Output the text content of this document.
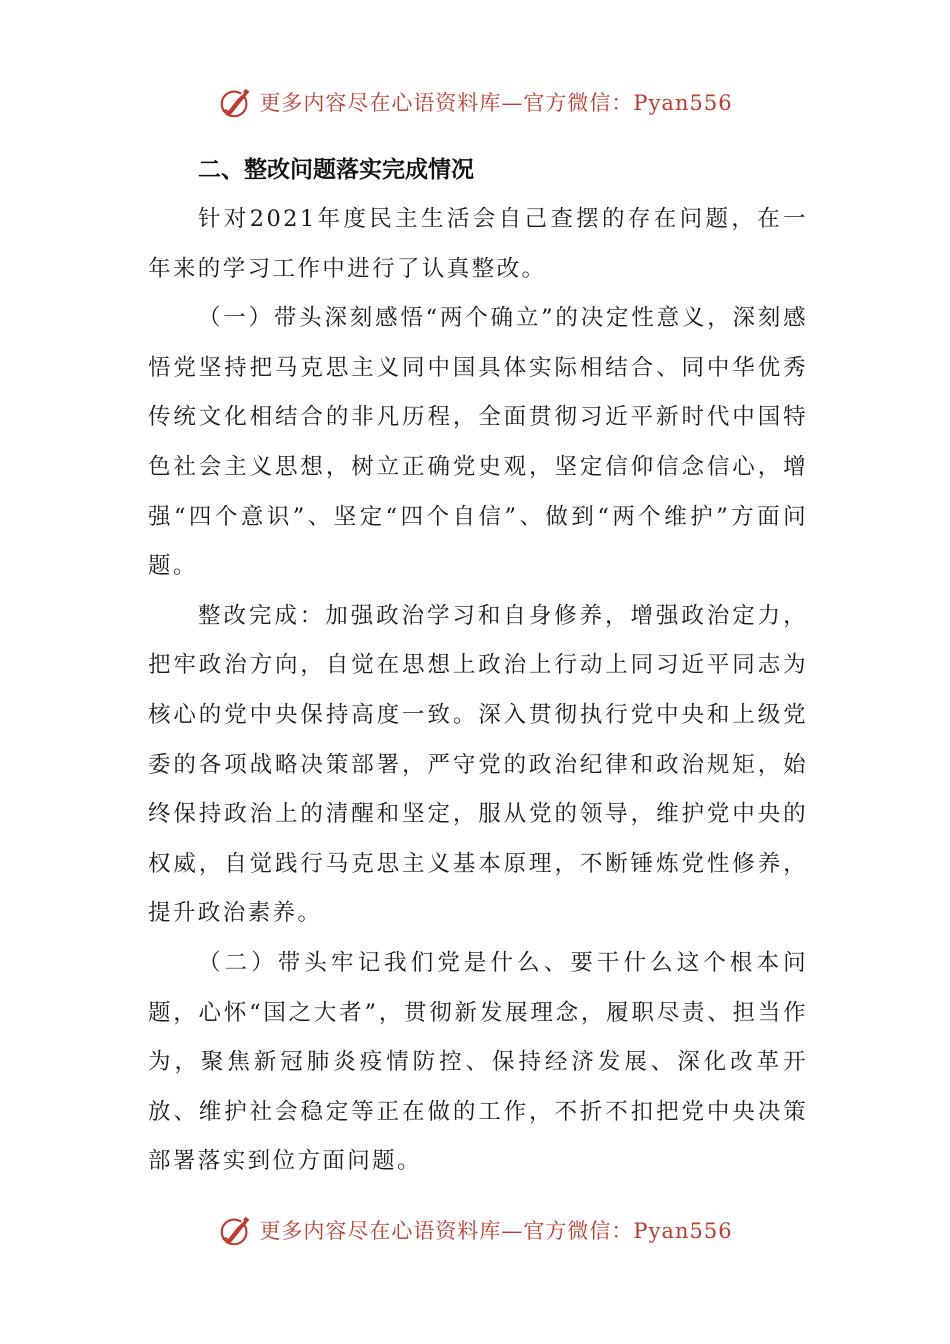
更多内容尽在心语资料库—官方微信：Pyan556
二、整改问题落实完成情况

针对2021年度民主生活会自己查摆的存在问题，在一年来的学习工作中进行了认真整改。

（一）带头深刻感悟“两个确立”的决定性意义，深刻感悟党坚持把马克思主义同中国具体实际相结合、同中华优秀传统文化相结合的非凡历程，全面贯彻习近平新时代中国特色社会主义思想，树立正确党史观，坚定信仰信念信心，增强“四个意识”、坚定“四个自信”、做到“两个维护”方面问题。

整改完成：加强政治学习和自身修养，增强政治定力，把牢政治方向，自觉在思想上政治上行动上同习近平同志为核心的党中央保持高度一致。深入贯彻执行党中央和上级党委的各项战略决策部署，严守党的政治纪律和政治规矩，始终保持政治上的清醒和坚定，服从党的领导，维护党中央的权威，自觉践行马克思主义基本原理，不断锤炼党性修养，提升政治素养。

（二）带头牢记我们党是什么、要干什么这个根本问题，心怀“国之大者”，贯彻新发展理念，履职尽责、担当作为，聚焦新冠肺炎疫情防控、保持经济发展、深化改革开放、维护社会稳定等正在做的工作，不折不扣把党中央决策部署落实到位方面问题。

更多内容尽在心语资料库—官方微信：Pyan556
